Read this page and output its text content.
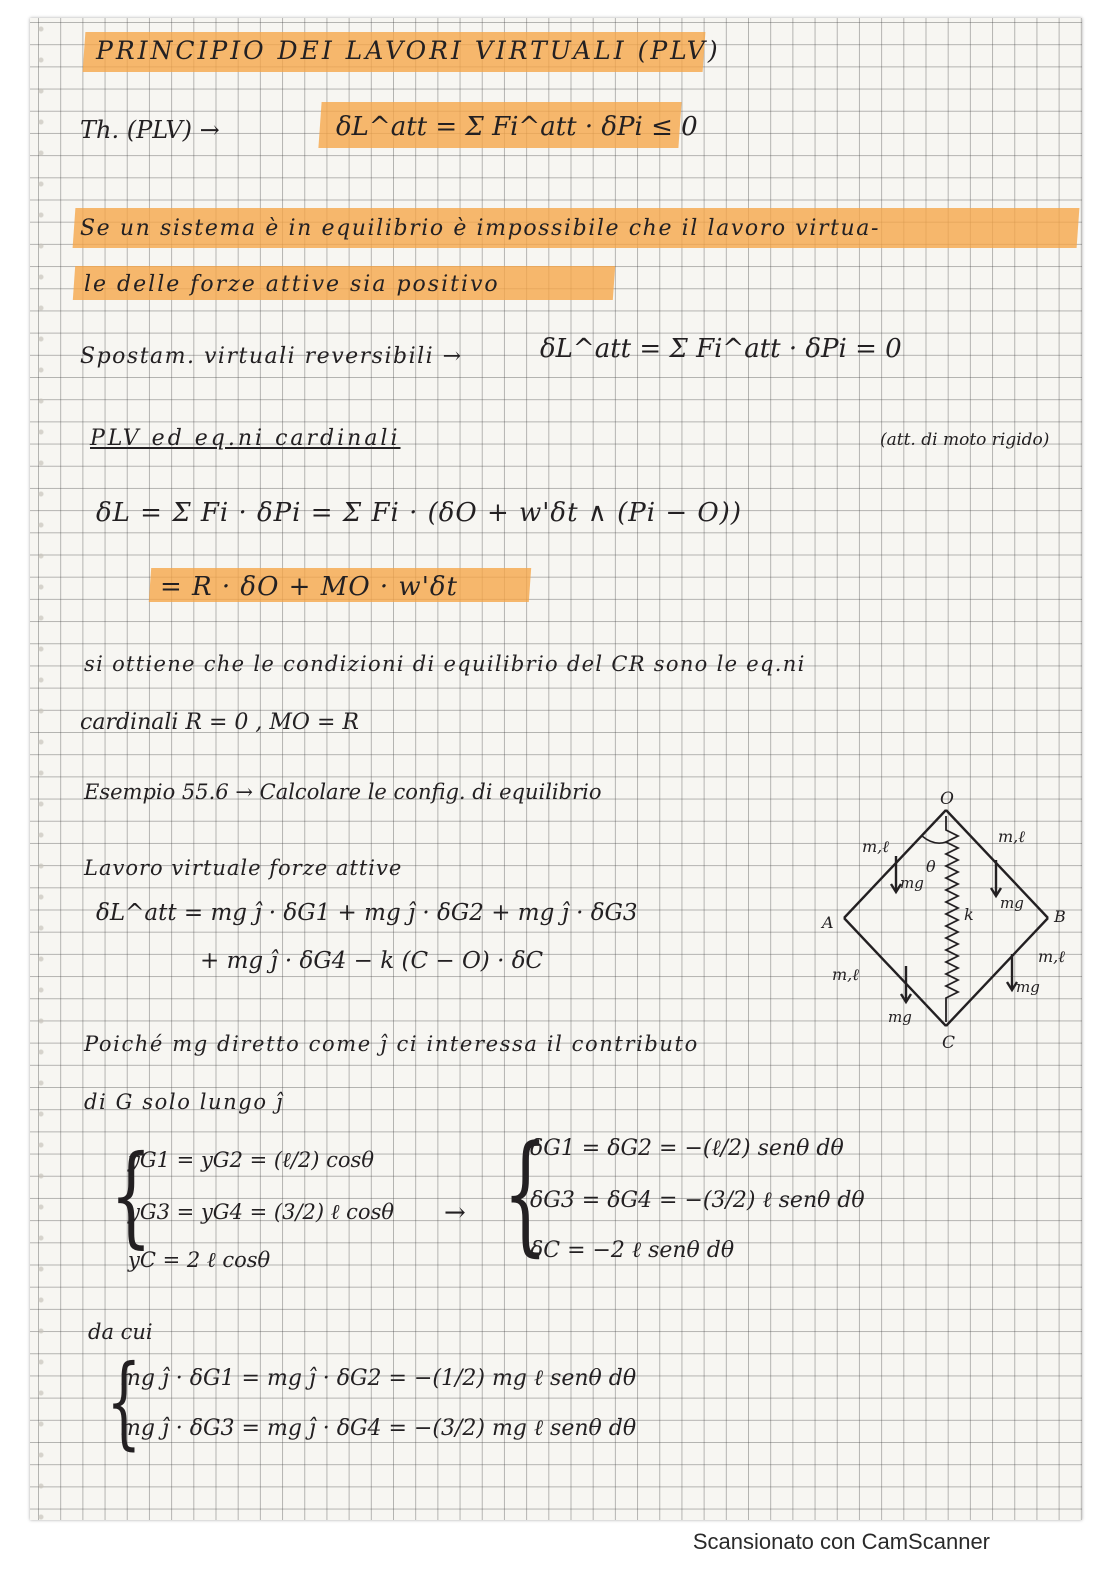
PRINCIPIO DEI LAVORI VIRTUALI (PLV)
Th. (PLV) →	δL^att = Σ Fi^att · δPi ≤ 0
Se un sistema è in equilibrio è impossibile che il lavoro virtua-
le delle forze attive sia positivo
Spostam. virtuali reversibili →	δL^att = Σ Fi^att · δPi = 0
PLV ed eq.ni cardinali	(att. di moto rigido)
δL = Σ Fi · δPi = Σ Fi · (δO + w'δt ∧ (Pi − O))
= R · δO + MO · w'δt
si ottiene che le condizioni di equilibrio del CR sono le eq.ni
cardinali R = 0 , MO = R
Esempio 55.6 → Calcolare le config. di equilibrio
Lavoro virtuale forze attive
δL^att = mg ĵ · δG1 + mg ĵ · δG2 + mg ĵ · δG3
+ mg ĵ · δG4 − k (C − O) · δC
Poiché mg diretto come ĵ ci interessa il contributo
di G solo lungo ĵ
{
yG1 = yG2 = (ℓ/2) cosθ
yG3 = yG4 = (3/2) ℓ cosθ
yC = 2 ℓ cosθ
→ {
δG1 = δG2 = −(ℓ/2) senθ dθ
δG3 = δG4 = −(3/2) ℓ senθ dθ
δC = −2 ℓ senθ dθ
da cui
{
mg ĵ · δG1 = mg ĵ · δG2 = −(1/2) mg ℓ senθ dθ
mg ĵ · δG3 = mg ĵ · δG4 = −(3/2) mg ℓ senθ dθ
O
A	B
C
m,ℓ
m,ℓ
m,ℓ
m,ℓ
k
θ
mg
mg
mg
mg
Scansionato con CamScanner
